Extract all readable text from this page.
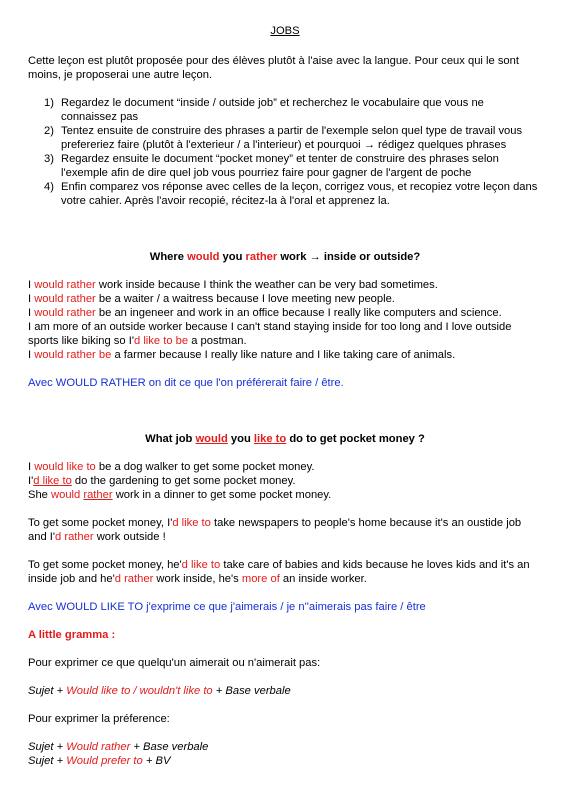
JOBS

Cette leçon est plutôt proposée pour des élèves plutôt à l'aise avec la langue. Pour ceux qui le sont moins, je proposerai une autre leçon.

1) Regardez le document “inside / outside job” et recherchez le vocabulaire que vous ne connaissez pas
2) Tentez ensuite de construire des phrases a partir de l'exemple selon quel type de travail vous prefereriez faire (plutôt à l'exterieur / a l'interieur) et pourquoi → rédigez quelques phrases
3) Regardez ensuite le document “pocket money” et tenter de construire des phrases selon l'exemple afin de dire quel job vous pourriez faire pour gagner de l'argent de poche
4) Enfin comparez vos réponse avec celles de la leçon, corrigez vous, et recopiez votre leçon dans votre cahier. Après l'avoir recopié, récitez-la à l'oral et apprenez la.
Where would you rather work → inside or outside?

I would rather work inside because I think the weather can be very bad sometimes.

I would rather be a waiter / a waitress because I love meeting new people.

I would rather be an ingeneer and work in an office because I really like computers and science.

I am more of an outside worker because I can't stand staying inside for too long and I love outside sports like biking so I'd like to be a postman.

I would rather be a farmer because I really like nature and I like taking care of animals.

Avec WOULD RATHER on dit ce que l'on préférerait faire / être.

What job would you like to do to get pocket money ?

I would like to be a dog walker to get some pocket money.

I'd like to do the gardening to get some pocket money.

She would rather work in a dinner to get some pocket money.

To get some pocket money, I'd like to take newspapers to people's home because it's an oustide job and I'd rather work outside !

To get some pocket money, he'd like to take care of babies and kids because he loves kids and it's an inside job and he'd rather work inside, he's more of an inside worker.

Avec WOULD LIKE TO j'exprime ce que j'aimerais / je n''aimerais pas faire / être

A little gramma :

Pour exprimer ce que quelqu'un aimerait ou n'aimerait pas:

Sujet + Would like to / wouldn't like to + Base verbale

Pour exprimer la préference:

Sujet + Would rather + Base verbale

Sujet + Would prefer to + BV
